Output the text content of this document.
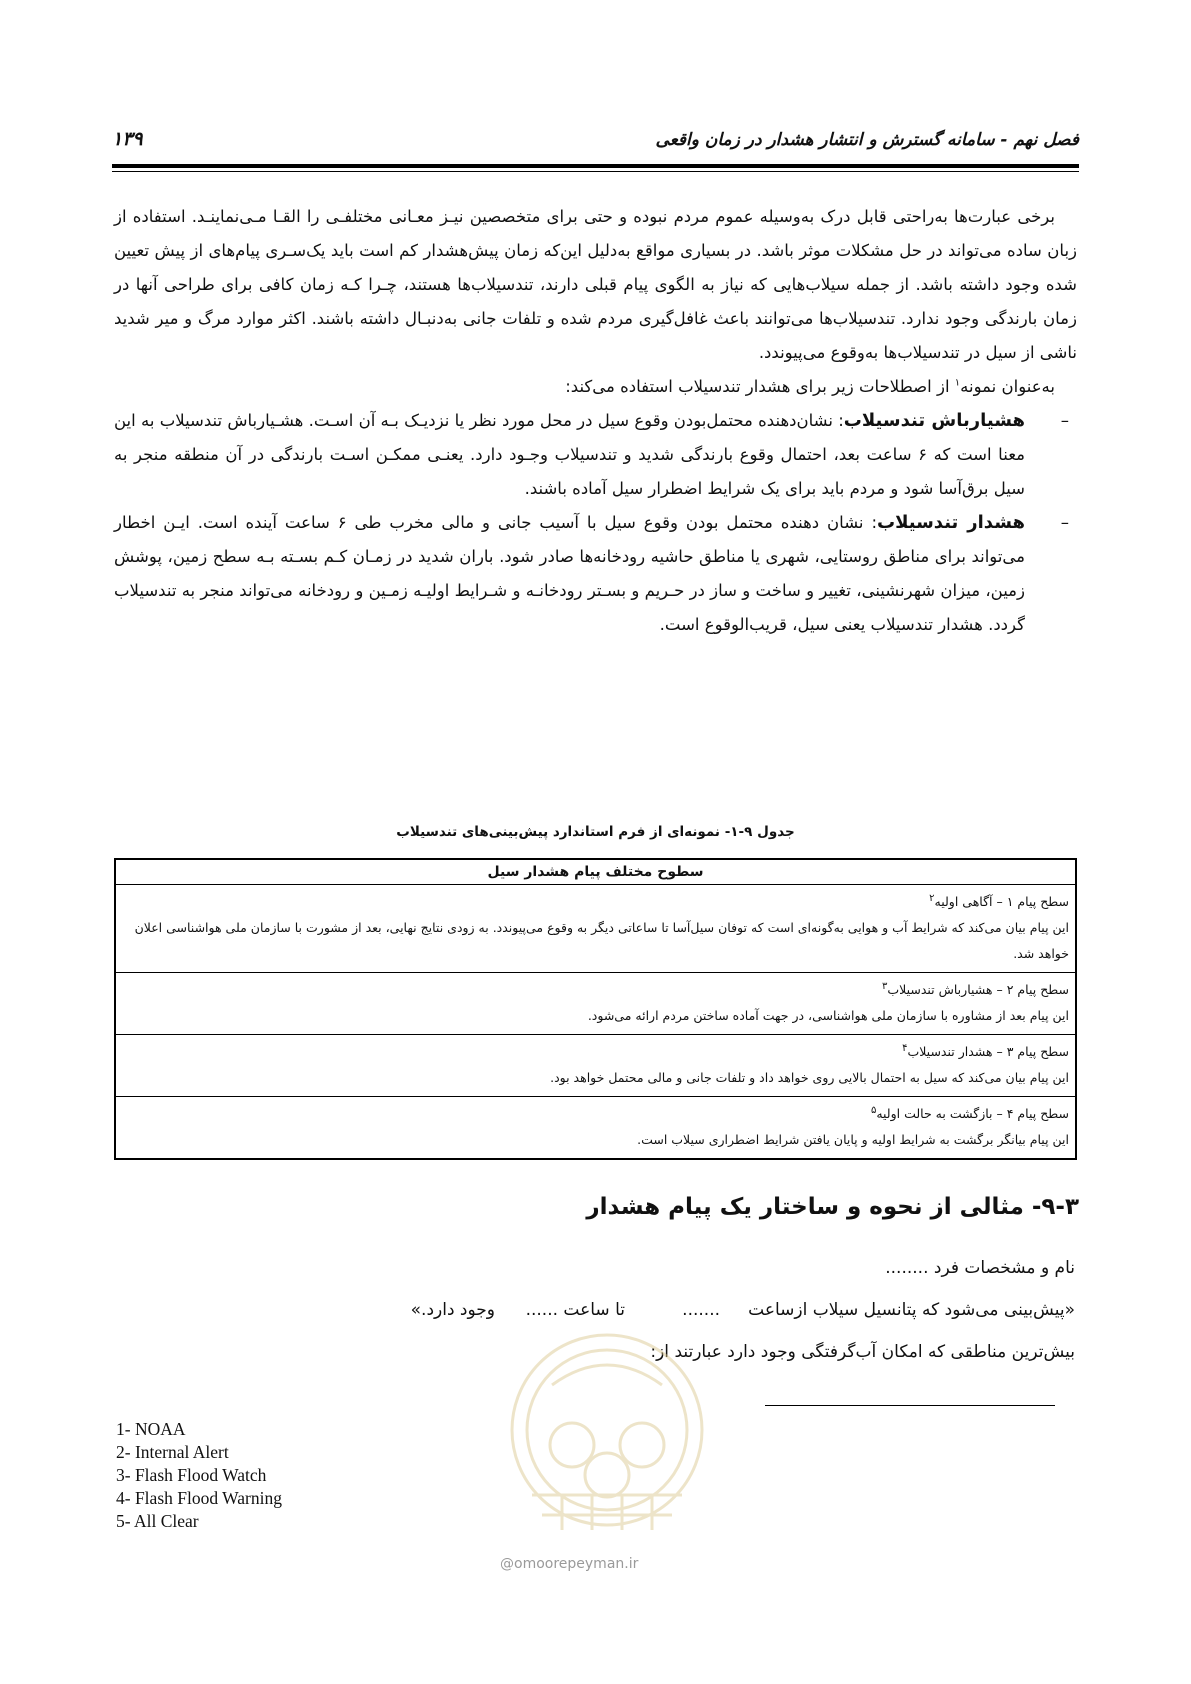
فصل نهم - سامانه گسترش و انتشار هشدار در زمان واقعی
۱۳۹

برخی عبارت‌ها به‌راحتی قابل درک به‌وسیله عموم مردم نبوده و حتی برای متخصصین نیـز معـانی مختلفـی را القـا مـی‌نماینـد. استفاده از زبان ساده می‌تواند در حل مشکلات موثر باشد. در بسیاری مواقع به‌دلیل این‌که زمان پیش‌هشدار کم است باید یک‌سـری پیام‌های از پیش تعیین شده وجود داشته باشد. از جمله سیلاب‌هایی که نیاز به الگوی پیام قبلی دارند، تندسیلاب‌ها هستند، چـرا کـه زمان کافی برای طراحی آنها در زمان بارندگی وجود ندارد. تندسیلاب‌ها می‌توانند باعث غافل‌گیری مردم شده و تلفات جانی به‌دنبـال داشته باشند. اکثر موارد مرگ و میر شدید ناشی از سیل در تندسیلاب‌ها به‌وقوع می‌پیوندد.

به‌عنوان نمونه$^۱$ از اصطلاحات زیر برای هشدار تندسیلاب استفاده می‌کند:

–
هشیارباش تندسیلاب: نشان‌دهنده محتمل‌بودن وقوع سیل در محل مورد نظر یا نزدیـک بـه آن اسـت. هشـیارباش تندسیلاب به این معنا است که ۶ ساعت بعد، احتمال وقوع بارندگی شدید و تندسیلاب وجـود دارد. یعنـی ممکـن اسـت بارندگی در آن منطقه منجر به سیل برق‌آسا شود و مردم باید برای یک شرایط اضطرار سیل آماده باشند.
–
هشدار تندسیلاب: نشان دهنده محتمل بودن وقوع سیل با آسیب جانی و مالی مخرب طی ۶ ساعت آینده است. ایـن اخطار می‌تواند برای مناطق روستایی، شهری یا مناطق حاشیه رودخانه‌ها صادر شود. باران شدید در زمـان کـم بسـته بـه سطح زمین، پوشش زمین، میزان شهرنشینی، تغییر و ساخت و ساز در حـریم و بسـتر رودخانـه و شـرایط اولیـه زمـین و رودخانه می‌تواند منجر به تندسیلاب گردد. هشدار تندسیلاب یعنی سیل، قریب‌الوقوع است.
جدول ۹-۱- نمونه‌ای از فرم استاندارد پیش‌بینی‌های تندسیلاب
سطوح مختلف پیام هشدار سیل

سطح پیام ۱ – آگاهی اولیه$^۲$
این پیام بیان می‌کند که شرایط آب و هوایی به‌گونه‌ای است که توفان سیل‌آسا تا ساعاتی دیگر به وقوع می‌پیوندد. به زودی نتایج نهایی، بعد از مشورت با سازمان ملی هواشناسی اعلان خواهد شد.

سطح پیام ۲ – هشیارباش تندسیلاب$^۳$
این پیام بعد از مشاوره با سازمان ملی هواشناسی، در جهت آماده ساختن مردم ارائه می‌شود.

سطح پیام ۳ – هشدار تندسیلاب$^۴$
این پیام بیان می‌کند که سیل به احتمال بالایی روی خواهد داد و تلفات جانی و مالی محتمل خواهد بود.

سطح پیام ۴ – بازگشت به حالت اولیه$^۵$
این پیام بیانگر برگشت به شرایط اولیه و پایان یافتن شرایط اضطراری سیلاب است.
۹-۳- مثالی از نحوه و ساختار یک پیام هشدار
نام و مشخصات فرد ........
«پیش‌بینی می‌شود که پتانسیل سیلاب ازساعت
.......
تا ساعت ......
وجود دارد.»
بیش‌ترین مناطقی که امکان آب‌گرفتگی وجود دارد عبارتند از:
1- NOAA
2- Internal Alert
3- Flash Flood Watch
4- Flash Flood Warning
5- All Clear
@omoorepeyman.ir
